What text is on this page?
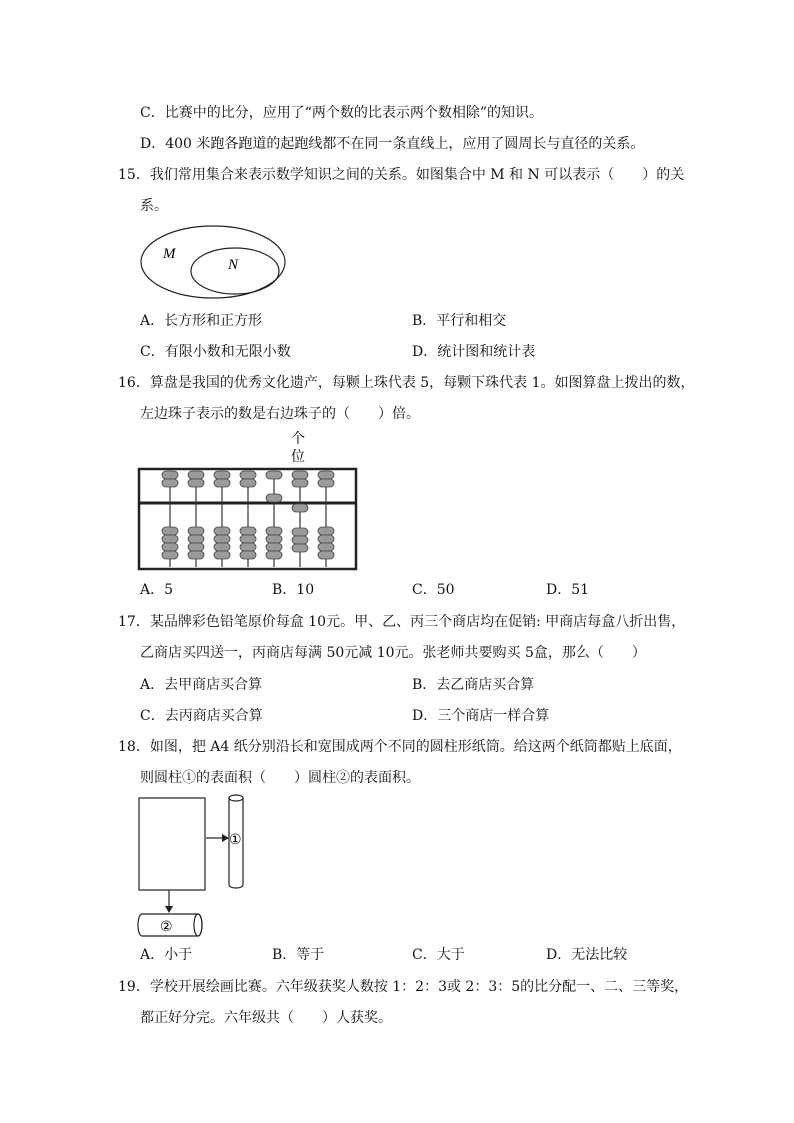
C．比赛中的比分，应用了“两个数的比表示两个数相除”的知识。
D．400 米跑各跑道的起跑线都不在同一条直线上，应用了圆周长与直径的关系。
15．我们常用集合来表示数学知识之间的关系。如图集合中 M 和 N 可以表示（　　）的关
系。
M
N
A．长方形和正方形	B．平行和相交
C．有限小数和无限小数	D．统计图和统计表
16．算盘是我国的优秀文化遗产，每颗上珠代表 5，每颗下珠代表 1。如图算盘上拨出的数，
左边珠子表示的数是右边珠子的（　　）倍。
个
位
A．5	B．10	C．50	D．51
17．某品牌彩色铅笔原价每盒 10元。甲、乙、丙三个商店均在促销: 甲商店每盒八折出售，
乙商店买四送一，丙商店每满 50元减 10元。张老师共要购买 5盒，那么（　　）
A．去甲商店买合算	B．去乙商店买合算
C．去丙商店买合算	D．三个商店一样合算
18．如图，把 A4 纸分别沿长和宽围成两个不同的圆柱形纸筒。给这两个纸筒都贴上底面，
则圆柱①的表面积（　　）圆柱②的表面积。
①
②
A．小于	B．等于	C．大于	D．无法比较
19．学校开展绘画比赛。六年级获奖人数按 1：2：3或 2：3：5的比分配一、二、三等奖，
都正好分完。六年级共（　　）人获奖。
